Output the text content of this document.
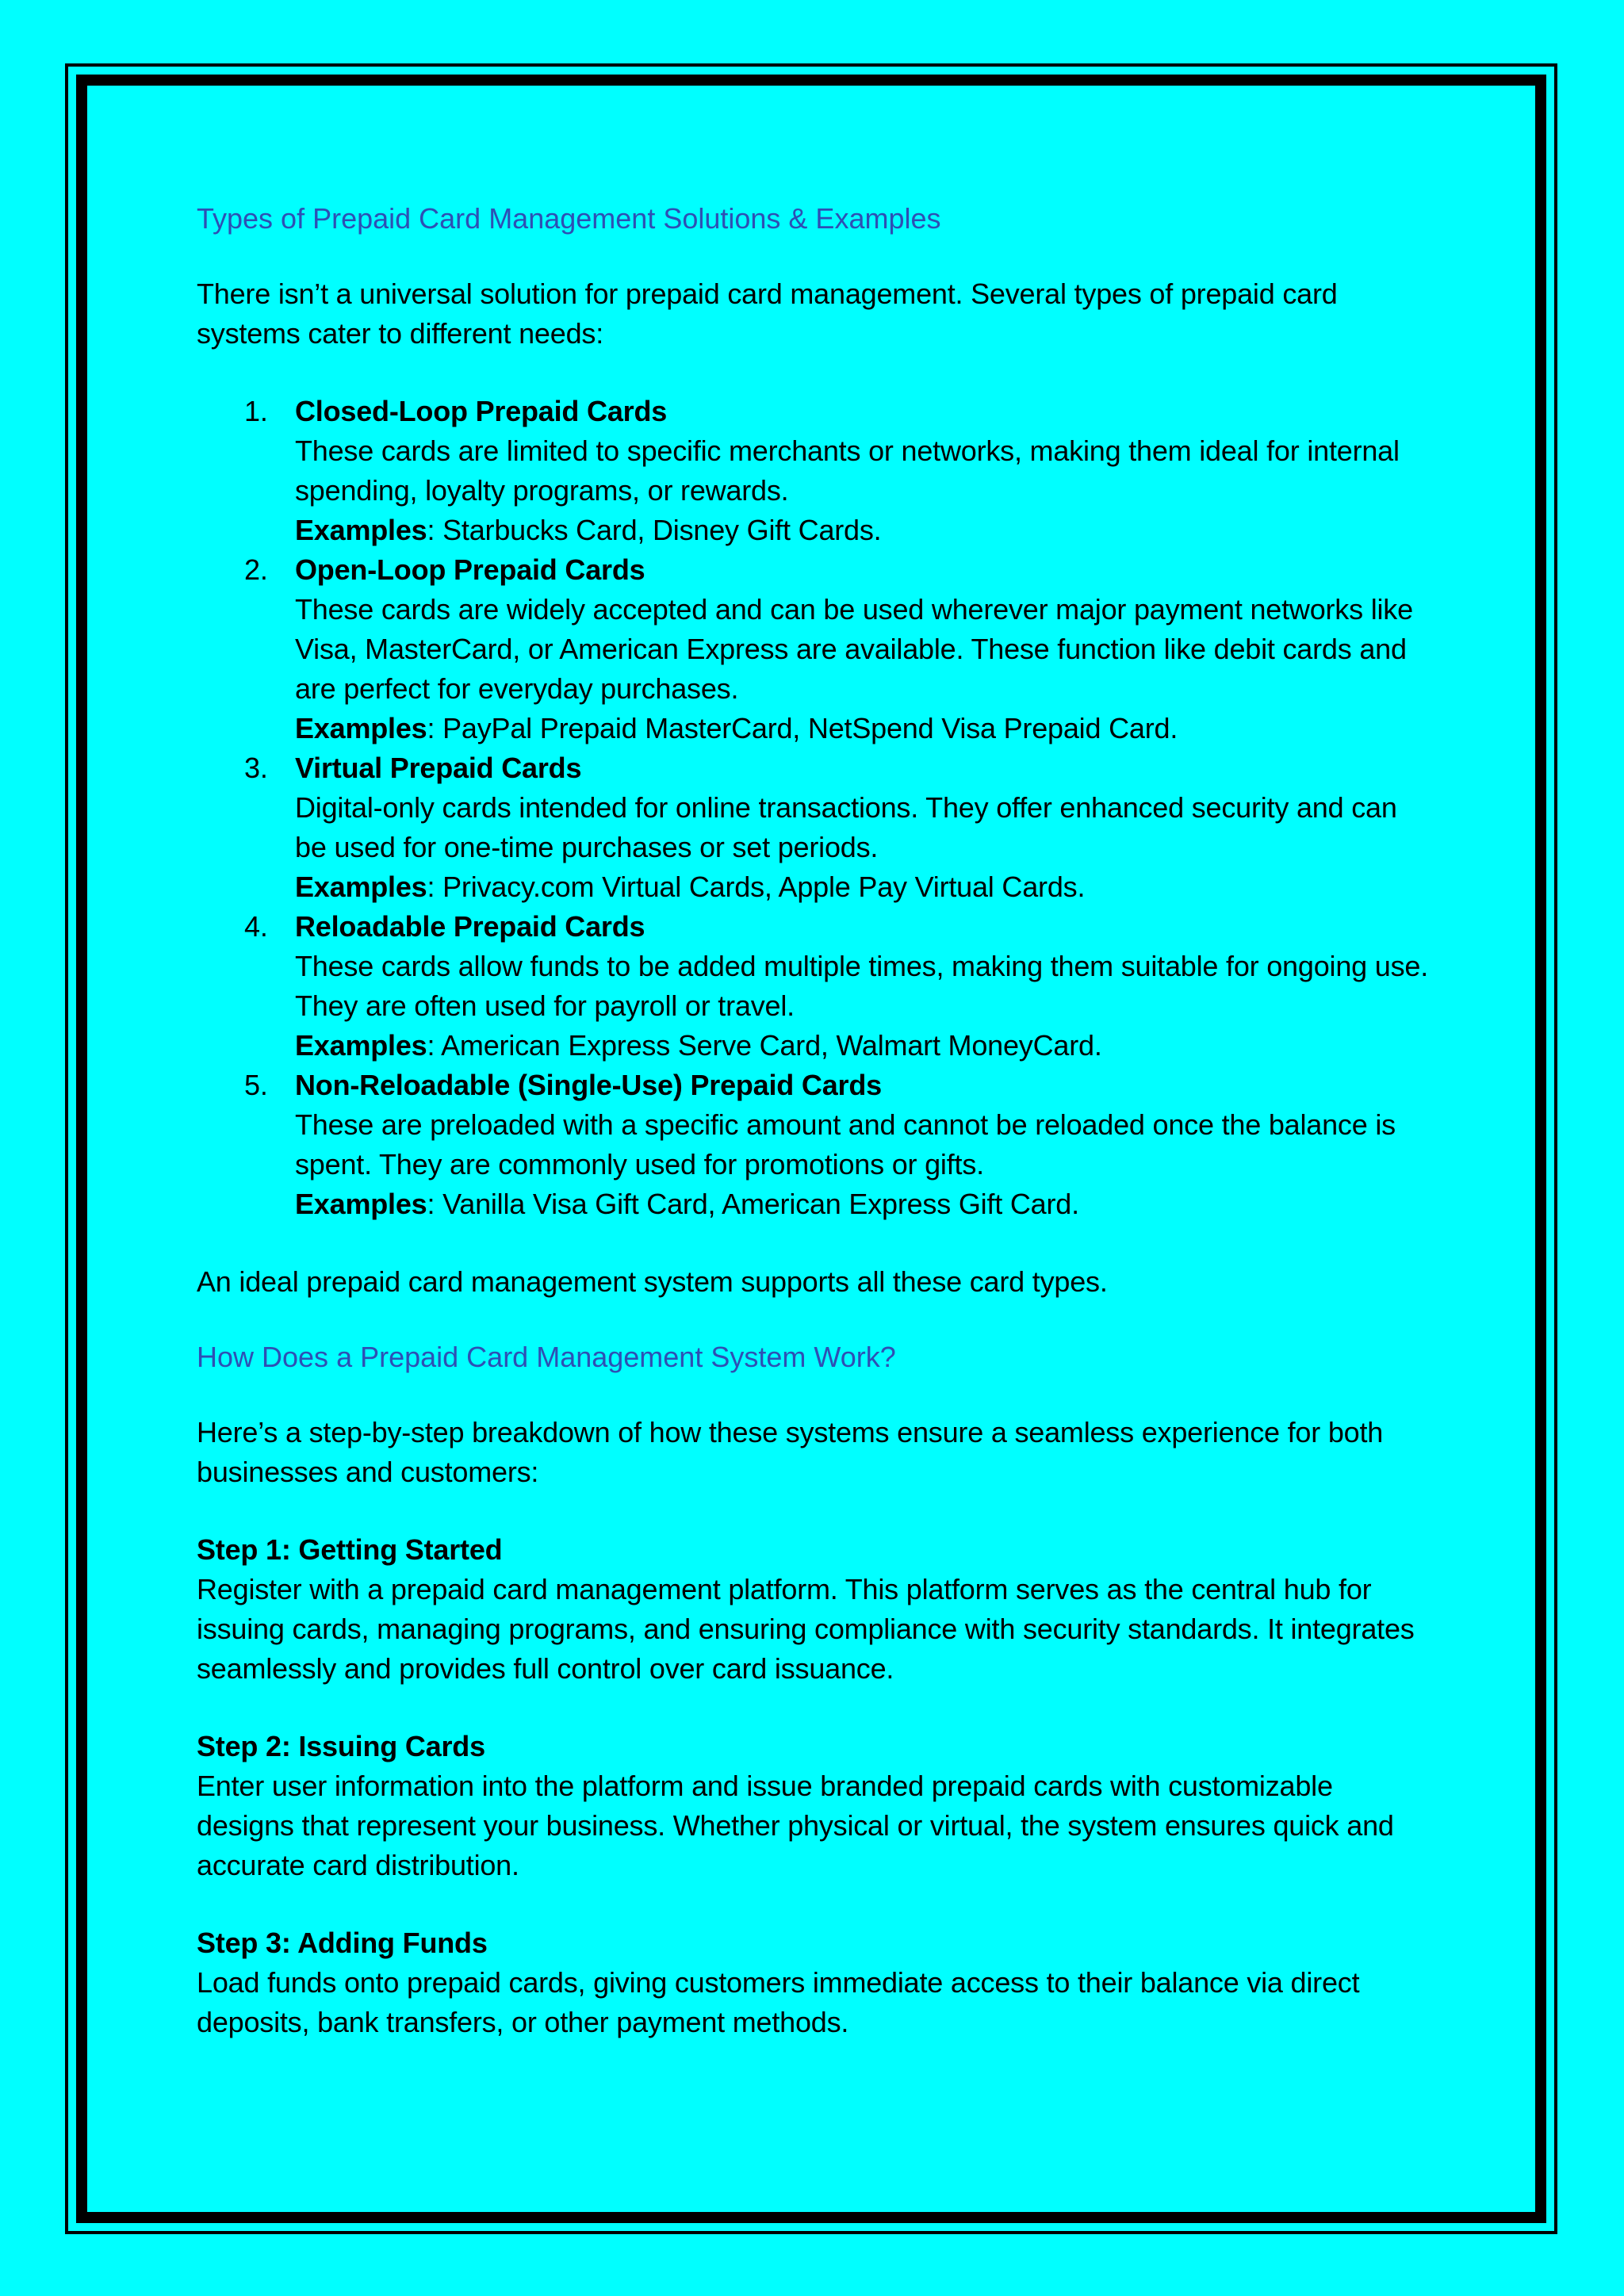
Types of Prepaid Card Management Solutions & Examples

There isn’t a universal solution for prepaid card management. Several types of prepaid card systems cater to different needs:

1. Closed-Loop Prepaid Cards
These cards are limited to specific merchants or networks, making them ideal for internal spending, loyalty programs, or rewards.
Examples: Starbucks Card, Disney Gift Cards.
2. Open-Loop Prepaid Cards
These cards are widely accepted and can be used wherever major payment networks like Visa, MasterCard, or American Express are available. These function like debit cards and are perfect for everyday purchases.
Examples: PayPal Prepaid MasterCard, NetSpend Visa Prepaid Card.
3. Virtual Prepaid Cards
Digital-only cards intended for online transactions. They offer enhanced security and can be used for one-time purchases or set periods.
Examples: Privacy.com Virtual Cards, Apple Pay Virtual Cards.
4. Reloadable Prepaid Cards
These cards allow funds to be added multiple times, making them suitable for ongoing use. They are often used for payroll or travel.
Examples: American Express Serve Card, Walmart MoneyCard.
5. Non-Reloadable (Single-Use) Prepaid Cards
These are preloaded with a specific amount and cannot be reloaded once the balance is spent. They are commonly used for promotions or gifts.
Examples: Vanilla Visa Gift Card, American Express Gift Card.

An ideal prepaid card management system supports all these card types.

How Does a Prepaid Card Management System Work?

Here’s a step-by-step breakdown of how these systems ensure a seamless experience for both businesses and customers:

Step 1: Getting Started

Register with a prepaid card management platform. This platform serves as the central hub for issuing cards, managing programs, and ensuring compliance with security standards. It integrates seamlessly and provides full control over card issuance.

Step 2: Issuing Cards

Enter user information into the platform and issue branded prepaid cards with customizable designs that represent your business. Whether physical or virtual, the system ensures quick and accurate card distribution.

Step 3: Adding Funds

Load funds onto prepaid cards, giving customers immediate access to their balance via direct deposits, bank transfers, or other payment methods.
